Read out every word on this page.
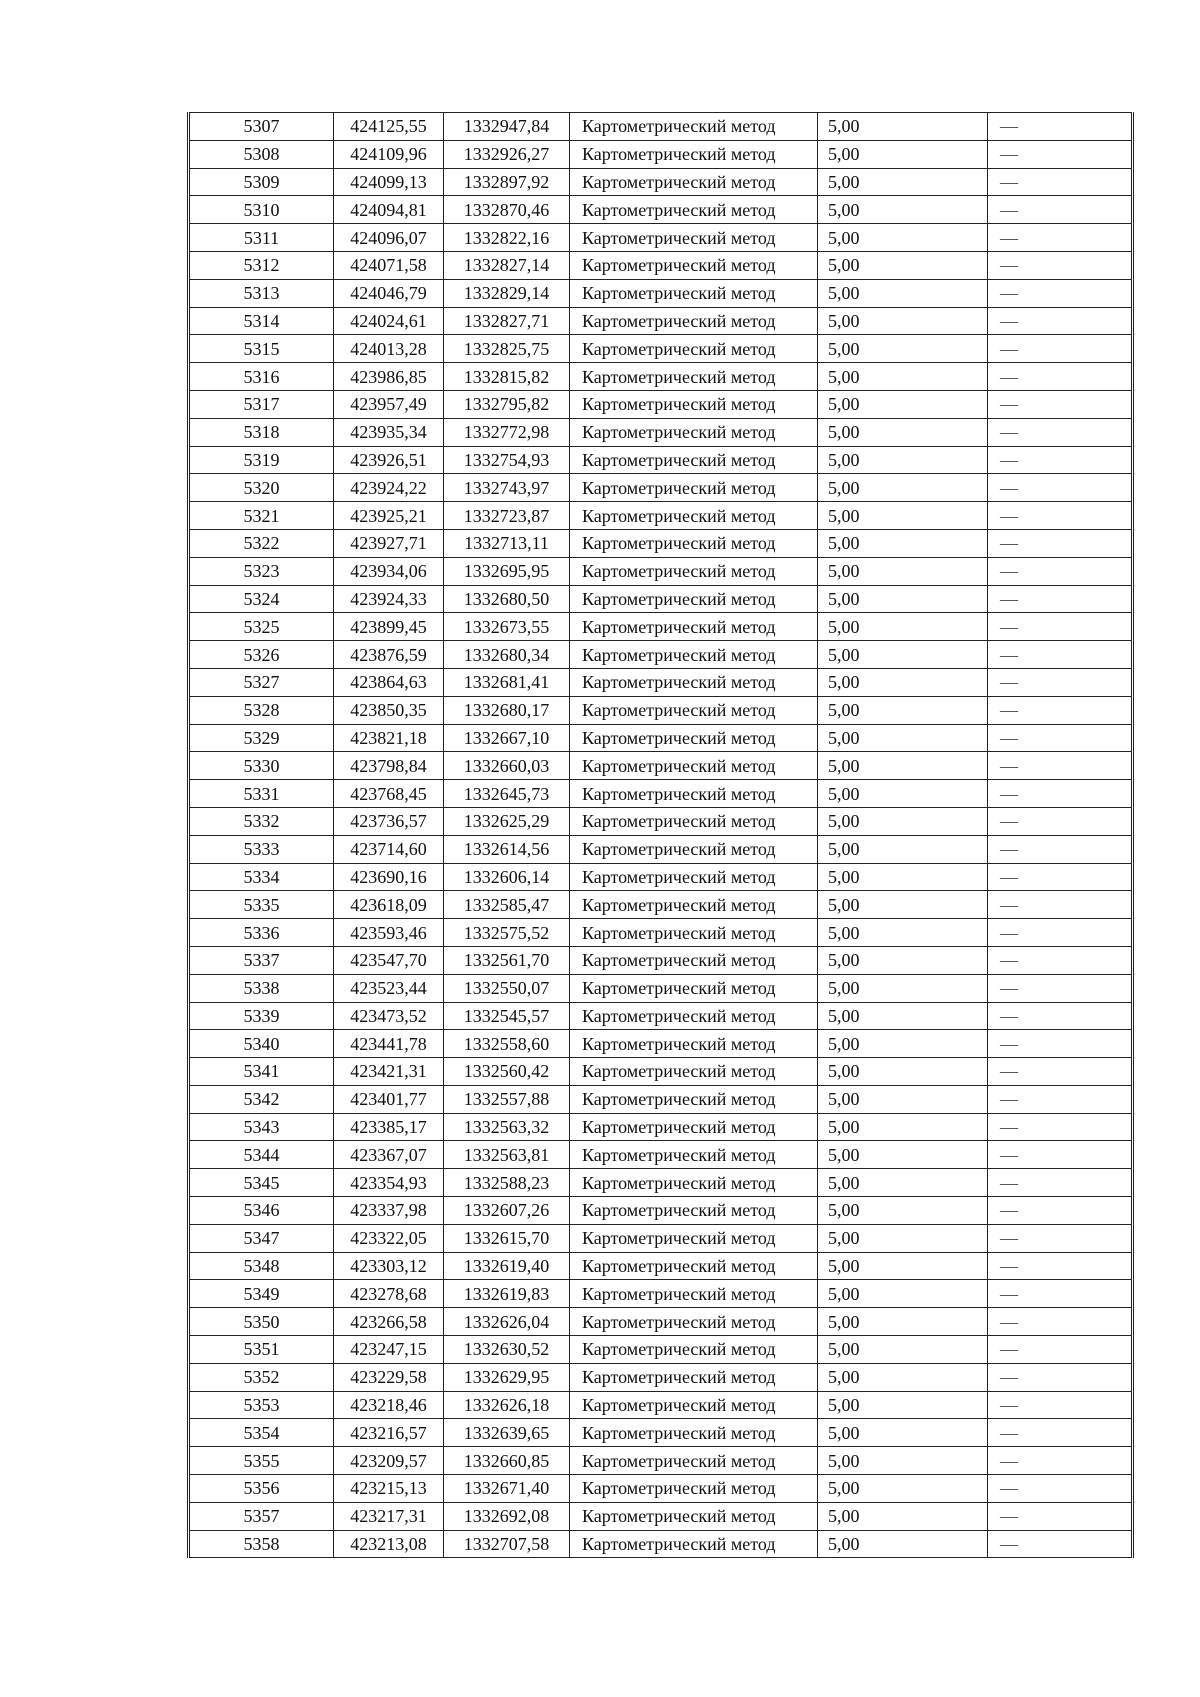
5307	424125,55	1332947,84	Картометрический метод	5,00	—
5308	424109,96	1332926,27	Картометрический метод	5,00	—
5309	424099,13	1332897,92	Картометрический метод	5,00	—
5310	424094,81	1332870,46	Картометрический метод	5,00	—
5311	424096,07	1332822,16	Картометрический метод	5,00	—
5312	424071,58	1332827,14	Картометрический метод	5,00	—
5313	424046,79	1332829,14	Картометрический метод	5,00	—
5314	424024,61	1332827,71	Картометрический метод	5,00	—
5315	424013,28	1332825,75	Картометрический метод	5,00	—
5316	423986,85	1332815,82	Картометрический метод	5,00	—
5317	423957,49	1332795,82	Картометрический метод	5,00	—
5318	423935,34	1332772,98	Картометрический метод	5,00	—
5319	423926,51	1332754,93	Картометрический метод	5,00	—
5320	423924,22	1332743,97	Картометрический метод	5,00	—
5321	423925,21	1332723,87	Картометрический метод	5,00	—
5322	423927,71	1332713,11	Картометрический метод	5,00	—
5323	423934,06	1332695,95	Картометрический метод	5,00	—
5324	423924,33	1332680,50	Картометрический метод	5,00	—
5325	423899,45	1332673,55	Картометрический метод	5,00	—
5326	423876,59	1332680,34	Картометрический метод	5,00	—
5327	423864,63	1332681,41	Картометрический метод	5,00	—
5328	423850,35	1332680,17	Картометрический метод	5,00	—
5329	423821,18	1332667,10	Картометрический метод	5,00	—
5330	423798,84	1332660,03	Картометрический метод	5,00	—
5331	423768,45	1332645,73	Картометрический метод	5,00	—
5332	423736,57	1332625,29	Картометрический метод	5,00	—
5333	423714,60	1332614,56	Картометрический метод	5,00	—
5334	423690,16	1332606,14	Картометрический метод	5,00	—
5335	423618,09	1332585,47	Картометрический метод	5,00	—
5336	423593,46	1332575,52	Картометрический метод	5,00	—
5337	423547,70	1332561,70	Картометрический метод	5,00	—
5338	423523,44	1332550,07	Картометрический метод	5,00	—
5339	423473,52	1332545,57	Картометрический метод	5,00	—
5340	423441,78	1332558,60	Картометрический метод	5,00	—
5341	423421,31	1332560,42	Картометрический метод	5,00	—
5342	423401,77	1332557,88	Картометрический метод	5,00	—
5343	423385,17	1332563,32	Картометрический метод	5,00	—
5344	423367,07	1332563,81	Картометрический метод	5,00	—
5345	423354,93	1332588,23	Картометрический метод	5,00	—
5346	423337,98	1332607,26	Картометрический метод	5,00	—
5347	423322,05	1332615,70	Картометрический метод	5,00	—
5348	423303,12	1332619,40	Картометрический метод	5,00	—
5349	423278,68	1332619,83	Картометрический метод	5,00	—
5350	423266,58	1332626,04	Картометрический метод	5,00	—
5351	423247,15	1332630,52	Картометрический метод	5,00	—
5352	423229,58	1332629,95	Картометрический метод	5,00	—
5353	423218,46	1332626,18	Картометрический метод	5,00	—
5354	423216,57	1332639,65	Картометрический метод	5,00	—
5355	423209,57	1332660,85	Картометрический метод	5,00	—
5356	423215,13	1332671,40	Картометрический метод	5,00	—
5357	423217,31	1332692,08	Картометрический метод	5,00	—
5358	423213,08	1332707,58	Картометрический метод	5,00	—
